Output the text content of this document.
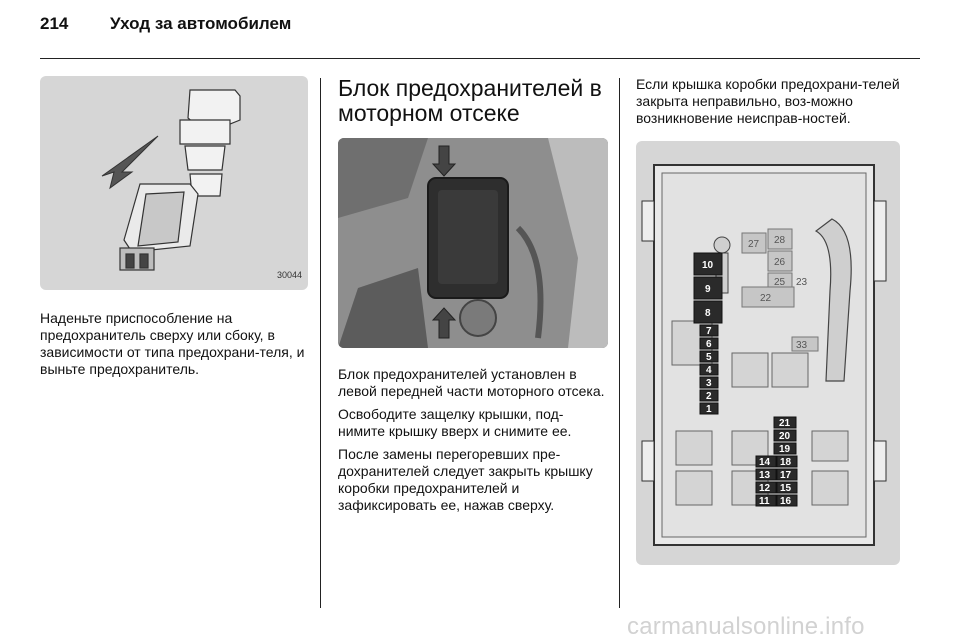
214 Уход за автомобилем
30044

Наденьте приспособление на предохранитель сверху или сбоку, в зависимости от типа предохрани-теля, и выньте предохранитель.

Блок предохранителей в моторном отсеке

Блок предохранителей установлен в левой передней части моторного отсека.

Освободите защелку крышки, под-нимите крышку вверх и снимите ее.

После замены перегоревших пре-дохранителей следует закрыть крышку коробки предохранителей и зафиксировать ее, нажав сверху.

Если крышка коробки предохрани-телей закрыта неправильно, воз-можно возникновение неисправ-ностей.

27 28
26
25 23
22
33
10
9
8
7
6
5
4
3
2
1
21
20
19
14 18
13 17
12 15
11 16
carmanualsonline.info
